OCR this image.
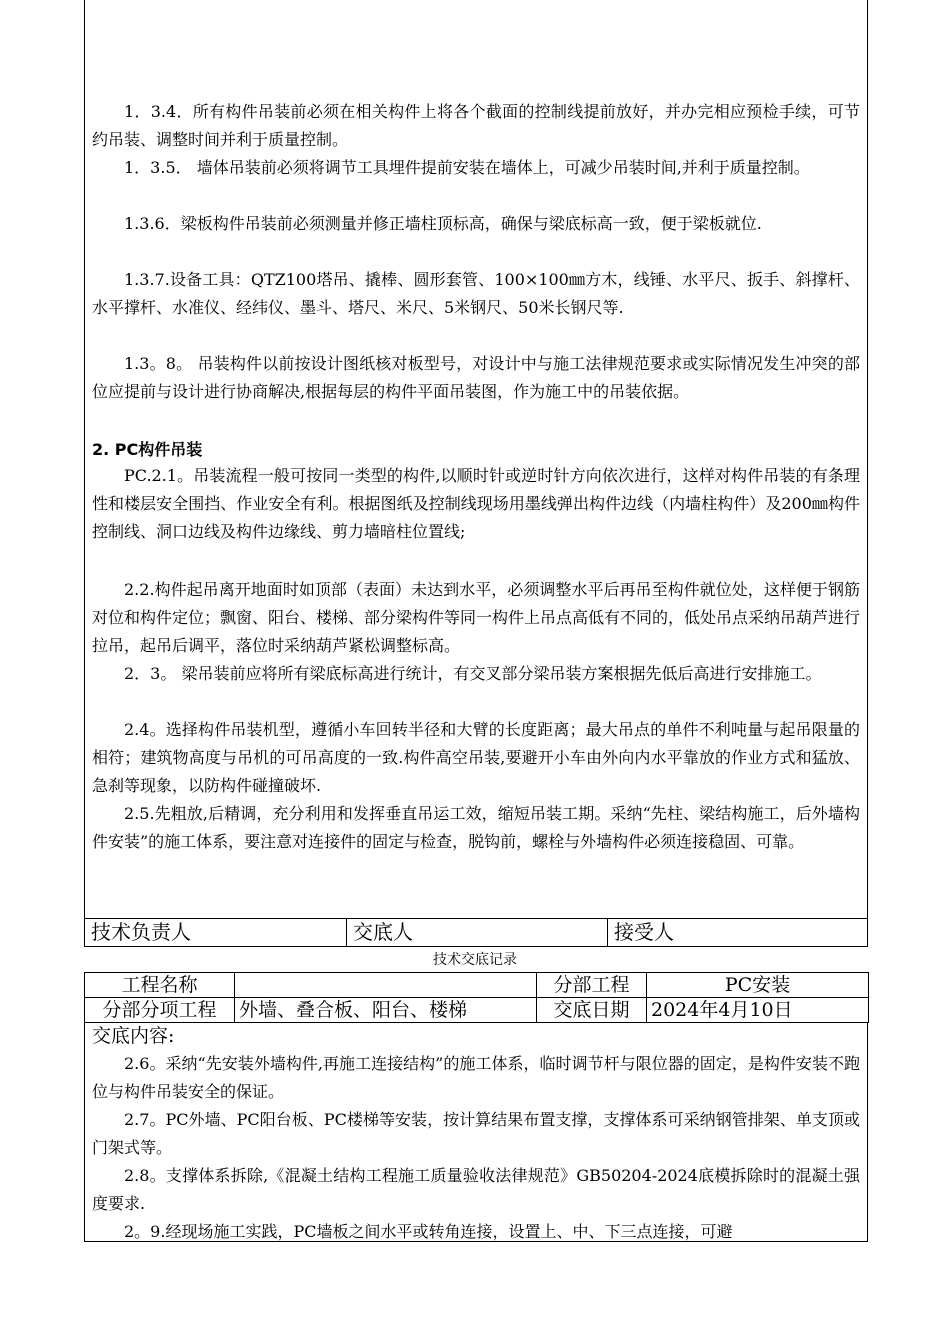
1．3.4．所有构件吊装前必须在相关构件上将各个截面的控制线提前放好，并办完相应预检手续，可节约吊装、调整时间并利于质量控制。

1．3.5． 墙体吊装前必须将调节工具埋件提前安装在墙体上，可减少吊装时间,并利于质量控制。

1.3.6．梁板构件吊装前必须测量并修正墙柱顶标高，确保与梁底标高一致，便于梁板就位.

1.3.7.设备工具：QTZ100塔吊、撬棒、圆形套管、100×100㎜方木，线锤、水平尺、扳手、斜撑杆、水平撑杆、水准仪、经纬仪、墨斗、塔尺、米尺、5米钢尺、50米长钢尺等.

1.3。8。 吊装构件以前按设计图纸核对板型号，对设计中与施工法律规范要求或实际情况发生冲突的部位应提前与设计进行协商解决,根据每层的构件平面吊装图，作为施工中的吊装依据。

2. PC构件吊装

PC.2.1。吊装流程一般可按同一类型的构件,以顺时针或逆时针方向依次进行，这样对构件吊装的有条理性和楼层安全围挡、作业安全有利。根据图纸及控制线现场用墨线弹出构件边线（内墙柱构件）及200㎜构件控制线、洞口边线及构件边缘线、剪力墙暗柱位置线;

2.2.构件起吊离开地面时如顶部（表面）未达到水平，必须调整水平后再吊至构件就位处，这样便于钢筋对位和构件定位；飘窗、阳台、楼梯、部分梁构件等同一构件上吊点高低有不同的，低处吊点采纳吊葫芦进行拉吊，起吊后调平，落位时采纳葫芦紧松调整标高。

2．3。 梁吊装前应将所有梁底标高进行统计，有交叉部分梁吊装方案根据先低后高进行安排施工。

2.4。选择构件吊装机型，遵循小车回转半径和大臂的长度距离；最大吊点的单件不利吨量与起吊限量的相符；建筑物高度与吊机的可吊高度的一致.构件高空吊装,要避开小车由外向内水平靠放的作业方式和猛放、急刹等现象，以防构件碰撞破坏.

2.5.先粗放,后精调，充分利用和发挥垂直吊运工效，缩短吊装工期。采纳“先柱、梁结构施工，后外墙构件安装”的施工体系，要注意对连接件的固定与检查，脱钩前，螺栓与外墙构件必须连接稳固、可靠。

技术负责人	交底人	接受人
技术交底记录
工程名称		分部工程	PC安装
分部分项工程	外墙、叠合板、阳台、楼梯	交底日期	2024年4月10日
交底内容:

2.6。采纳“先安装外墙构件,再施工连接结构”的施工体系，临时调节杆与限位器的固定，是构件安装不跑位与构件吊装安全的保证。

2.7。PC外墙、PC阳台板、PC楼梯等安装，按计算结果布置支撑，支撑体系可采纳钢管排架、单支顶或门架式等。

2.8。支撑体系拆除,《混凝土结构工程施工质量验收法律规范》GB50204-2024底模拆除时的混凝土强度要求.

2。9.经现场施工实践，PC墙板之间水平或转角连接，设置上、中、下三点连接，可避
